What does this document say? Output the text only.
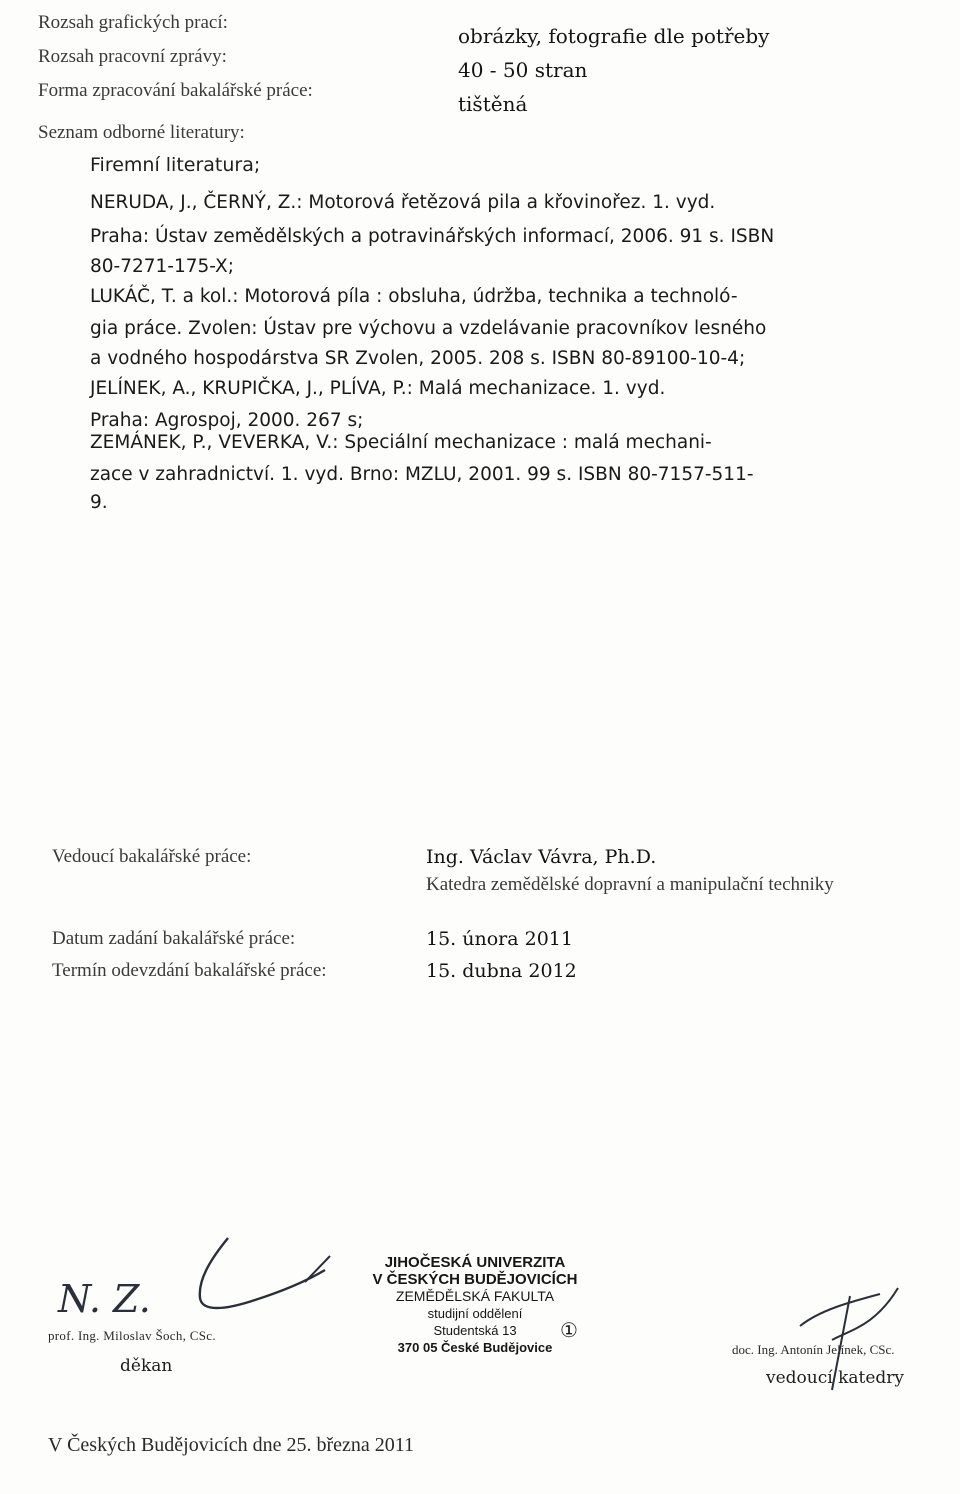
Rozsah grafických prací:
obrázky, fotografie dle potřeby
Rozsah pracovní zprávy:
40 - 50 stran
Forma zpracování bakalářské práce:
tištěná
Seznam odborné literatury:
Firemní literatura;
NERUDA, J., ČERNÝ, Z.: Motorová řetězová pila a křovinořez. 1. vyd.
Praha: Ústav zemědělských a potravinářských informací, 2006. 91 s. ISBN
80-7271-175-X;
LUKÁČ, T. a kol.: Motorová píla : obsluha, údržba, technika a technoló-
gia práce. Zvolen: Ústav pre výchovu a vzdelávanie pracovníkov lesného
a vodného hospodárstva SR Zvolen, 2005. 208 s. ISBN 80-89100-10-4;
JELÍNEK, A., KRUPIČKA, J., PLÍVA, P.: Malá mechanizace. 1. vyd.
Praha: Agrospoj, 2000. 267 s;
ZEMÁNEK, P., VEVERKA, V.: Speciální mechanizace : malá mechani-
zace v zahradnictví. 1. vyd. Brno: MZLU, 2001. 99 s. ISBN 80-7157-511-
9.
Vedoucí bakalářské práce:	Ing. Václav Vávra, Ph.D.
Katedra zemědělské dopravní a manipulační techniky
Datum zadání bakalářské práce:	15. února 2011
Termín odevzdání bakalářské práce:	15. dubna 2012
N. Z.
prof. Ing. Miloslav Šoch, CSc.
děkan
JIHOČESKÁ UNIVERZITA
V ČESKÝCH BUDĚJOVICÍCH
ZEMĚDĚLSKÁ FAKULTA
studijní oddělení
Studentská 13
370 05 České Budějovice
①
doc. Ing. Antonín Jelínek, CSc.
vedoucí katedry
V Českých Budějovicích dne 25. března 2011
